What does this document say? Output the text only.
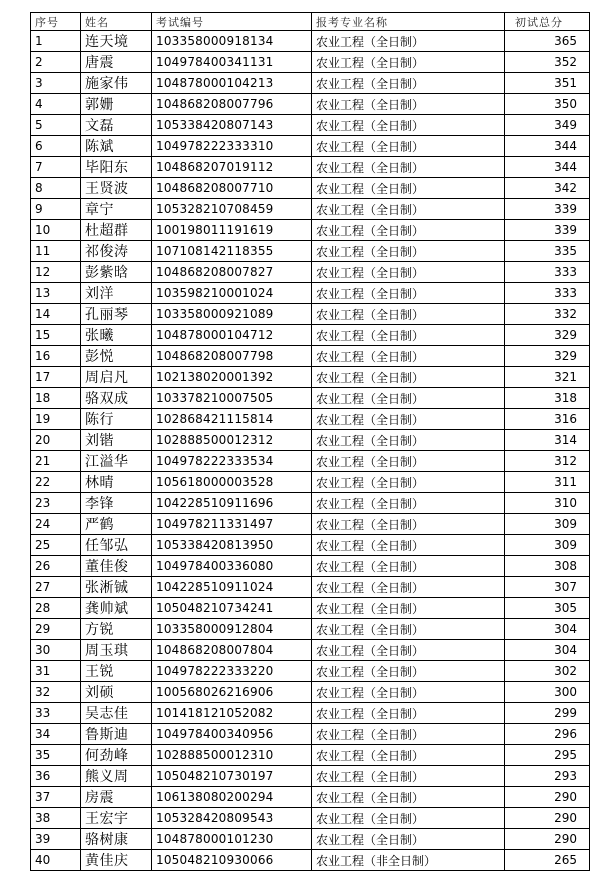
序号	姓名	考试编号	报考专业名称	初试总分
1	连天境	103358000918134	农业工程（全日制）	365
2	唐震	104978400341131	农业工程（全日制）	352
3	施家伟	104878000104213	农业工程（全日制）	351
4	郭姗	104868208007796	农业工程（全日制）	350
5	文磊	105338420807143	农业工程（全日制）	349
6	陈斌	104978222333310	农业工程（全日制）	344
7	毕阳东	104868207019112	农业工程（全日制）	344
8	王贤波	104868208007710	农业工程（全日制）	342
9	章宁	105328210708459	农业工程（全日制）	339
10	杜超群	100198011191619	农业工程（全日制）	339
11	祁俊涛	107108142118355	农业工程（全日制）	335
12	彭紫晗	104868208007827	农业工程（全日制）	333
13	刘洋	103598210001024	农业工程（全日制）	333
14	孔丽琴	103358000921089	农业工程（全日制）	332
15	张曦	104878000104712	农业工程（全日制）	329
16	彭悦	104868208007798	农业工程（全日制）	329
17	周启凡	102138020001392	农业工程（全日制）	321
18	骆双成	103378210007505	农业工程（全日制）	318
19	陈行	102868421115814	农业工程（全日制）	316
20	刘锴	102888500012312	农业工程（全日制）	314
21	江溢华	104978222333534	农业工程（全日制）	312
22	林晴	105618000003528	农业工程（全日制）	311
23	李锋	104228510911696	农业工程（全日制）	310
24	严鹤	104978211331497	农业工程（全日制）	309
25	任邹弘	105338420813950	农业工程（全日制）	309
26	董佳俊	104978400336080	农业工程（全日制）	308
27	张淅铖	104228510911024	农业工程（全日制）	307
28	龚帅斌	105048210734241	农业工程（全日制）	305
29	方锐	103358000912804	农业工程（全日制）	304
30	周玉琪	104868208007804	农业工程（全日制）	304
31	王锐	104978222333220	农业工程（全日制）	302
32	刘硕	100568026216906	农业工程（全日制）	300
33	吴志佳	101418121052082	农业工程（全日制）	299
34	鲁斯迪	104978400340956	农业工程（全日制）	296
35	何劲峰	102888500012310	农业工程（全日制）	295
36	熊义周	105048210730197	农业工程（全日制）	293
37	房震	106138080200294	农业工程（全日制）	290
38	王宏宇	105328420809543	农业工程（全日制）	290
39	骆树康	104878000101230	农业工程（全日制）	290
40	黄佳庆	105048210930066	农业工程（非全日制）	265
